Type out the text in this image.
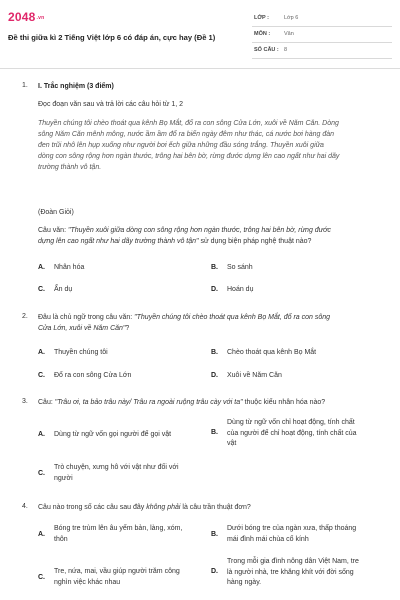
2048.vn
Đề thi giữa kì 2 Tiếng Việt lớp 6 có đáp án, cực hay (Đề 1)
LỚP :	Lớp 6
MÔN :	Văn
SỐ CÂU : 8
1. I. Trắc nghiệm (3 điểm)
Đọc đoạn văn sau và trả lời các câu hỏi từ 1, 2
Thuyền chúng tôi chèo thoát qua kênh Bọ Mắt, đổ ra con sông Cửa Lớn, xuôi về Năm Căn. Dòng
sông Năm Căn mênh mông, nước ầm ầm đổ ra biển ngày đêm như thác, cá nước bơi hàng đàn
đen trũi nhô lên hụp xuống như người bơi ếch giữa những đầu sóng trắng. Thuyền xuôi giữa
dòng con sông rộng hơn ngàn thước, trông hai bên bờ, rừng đước dựng lên cao ngất như hai dãy
trường thành vô tận.
(Đoàn Giỏi)
Câu văn: "Thuyền xuôi giữa dòng con sông rộng hơn ngàn thước, trông hai bên bờ, rừng đước
dựng lên cao ngất như hai dãy trường thành vô tận" sử dụng biện pháp nghệ thuật nào?
A. Nhân hóa	B. So sánh
C. Ẩn dụ	D. Hoán dụ
2. Đâu là chủ ngữ trong câu văn: "Thuyền chúng tôi chèo thoát qua kênh Bọ Mắt, đổ ra con sông
Cửa Lớn, xuôi về Năm Căn"?
A. Thuyền chúng tôi	B. Chèo thoát qua kênh Bọ Mắt
C. Đổ ra con sông Cửa Lớn	D. Xuôi về Năm Căn
3. Câu: "Trâu ơi, ta bảo trâu này/ Trâu ra ngoài ruộng trâu cày với ta" thuộc kiểu nhân hóa nào?
A. Dùng từ ngữ vốn gọi người để gọi vật	B.
Dùng từ ngữ vốn chỉ hoạt động, tính chất
của người để chỉ hoạt động, tính chất của
vật
C.
Trò chuyện, xưng hô với vật như đối với
người
4. Câu nào trong số các câu sau đây không phải là câu trần thuật đơn?
A.
Bóng tre trùm lên âu yếm bản, làng, xóm,
thôn
B.
Dưới bóng tre của ngàn xưa, thấp thoáng
mái đình mái chùa cổ kính
C.
Tre, nứa, mai, vầu giúp người trăm công
nghìn việc khác nhau
D.
Trong mỗi gia đình nông dân Việt Nam, tre
là người nhà, tre khăng khít với đời sống
hàng ngày.
